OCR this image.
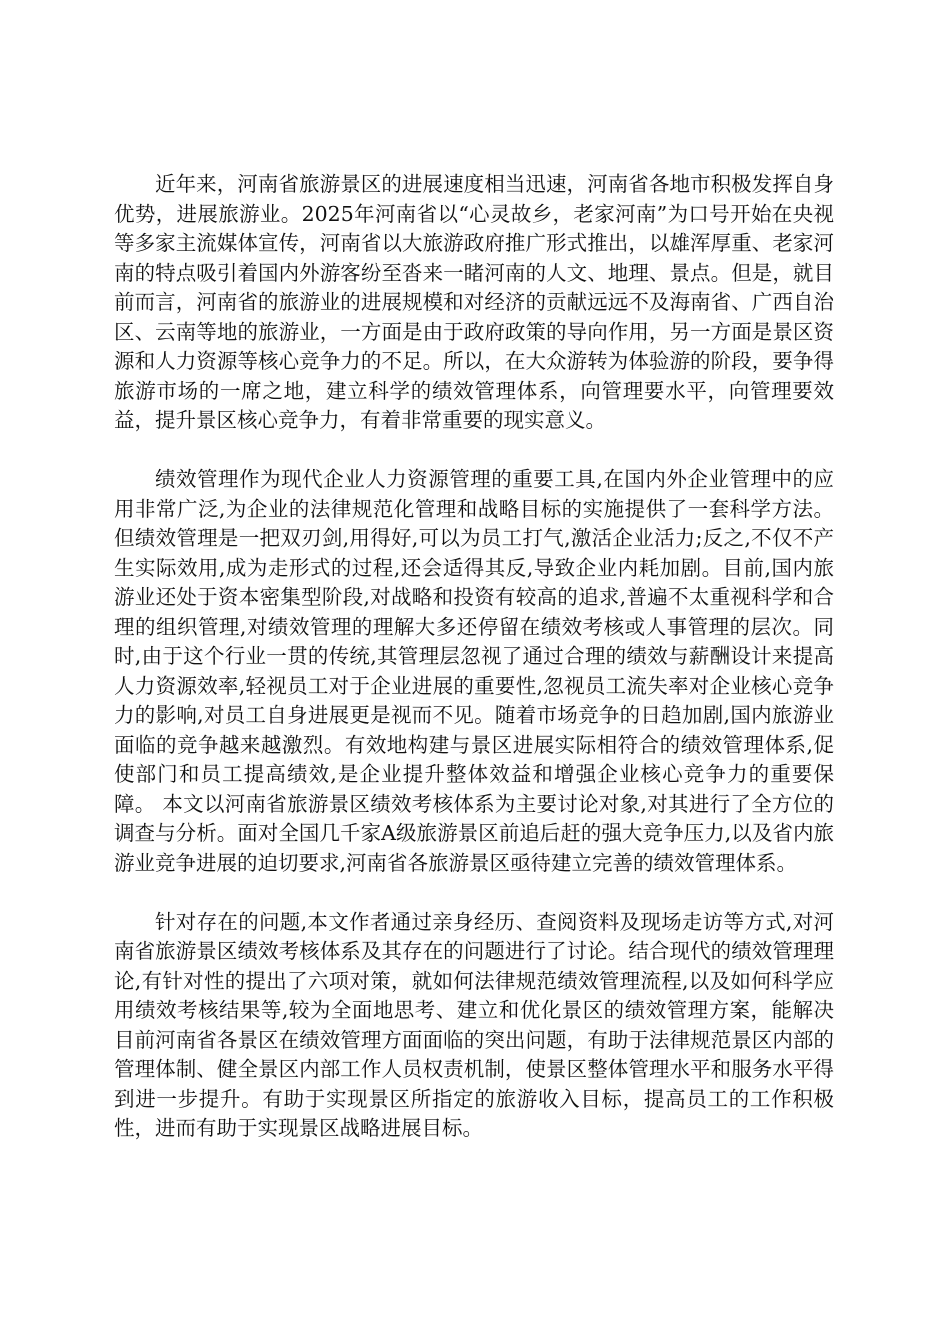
近年来，河南省旅游景区的进展速度相当迅速，河南省各地市积极发挥自身优势，进展旅游业。2025年河南省以“心灵故乡，老家河南”为口号开始在央视等多家主流媒体宣传，河南省以大旅游政府推广形式推出，以雄浑厚重、老家河南的特点吸引着国内外游客纷至沓来一睹河南的人文、地理、景点。但是，就目前而言，河南省的旅游业的进展规模和对经济的贡献远远不及海南省、广西自治区、云南等地的旅游业，一方面是由于政府政策的导向作用，另一方面是景区资源和人力资源等核心竞争力的不足。所以，在大众游转为体验游的阶段，要争得旅游市场的一席之地，建立科学的绩效管理体系，向管理要水平，向管理要效益，提升景区核心竞争力，有着非常重要的现实意义。

绩效管理作为现代企业人力资源管理的重要工具,在国内外企业管理中的应用非常广泛,为企业的法律规范化管理和战略目标的实施提供了一套科学方法。但绩效管理是一把双刃剑,用得好,可以为员工打气,激活企业活力;反之,不仅不产生实际效用,成为走形式的过程,还会适得其反,导致企业内耗加剧。目前,国内旅游业还处于资本密集型阶段,对战略和投资有较高的追求,普遍不太重视科学和合理的组织管理,对绩效管理的理解大多还停留在绩效考核或人事管理的层次。同时,由于这个行业一贯的传统,其管理层忽视了通过合理的绩效与薪酬设计来提高人力资源效率,轻视员工对于企业进展的重要性,忽视员工流失率对企业核心竞争力的影响,对员工自身进展更是视而不见。随着市场竞争的日趋加剧,国内旅游业面临的竞争越来越激烈。有效地构建与景区进展实际相符合的绩效管理体系,促使部门和员工提高绩效,是企业提升整体效益和增强企业核心竞争力的重要保障。 本文以河南省旅游景区绩效考核体系为主要讨论对象,对其进行了全方位的调查与分析。面对全国几千家A级旅游景区前追后赶的强大竞争压力,以及省内旅游业竞争进展的迫切要求,河南省各旅游景区亟待建立完善的绩效管理体系。

针对存在的问题,本文作者通过亲身经历、查阅资料及现场走访等方式,对河南省旅游景区绩效考核体系及其存在的问题进行了讨论。结合现代的绩效管理理论,有针对性的提出了六项对策，就如何法律规范绩效管理流程,以及如何科学应用绩效考核结果等,较为全面地思考、建立和优化景区的绩效管理方案，能解决目前河南省各景区在绩效管理方面面临的突出问题，有助于法律规范景区内部的管理体制、健全景区内部工作人员权责机制，使景区整体管理水平和服务水平得到进一步提升。有助于实现景区所指定的旅游收入目标，提高员工的工作积极性，进而有助于实现景区战略进展目标。
